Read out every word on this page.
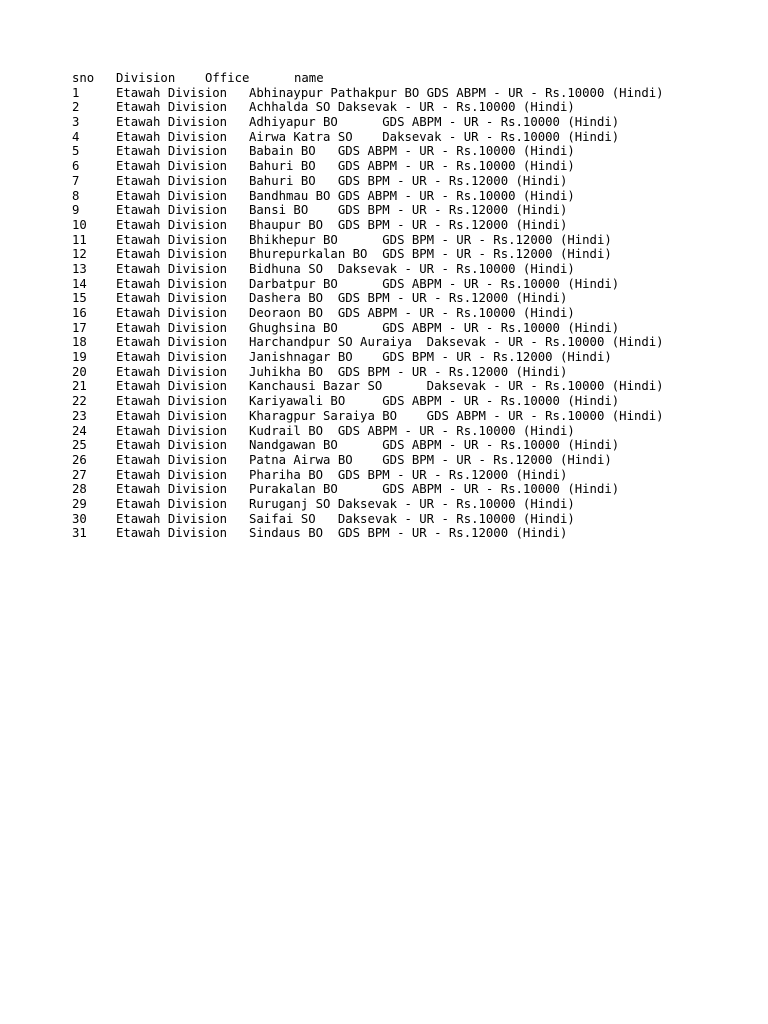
sno Division Office	name
1	Etawah Division Abhinaypur Pathakpur BO GDS ABPM - UR - Rs.10000 (Hindi)
2	Etawah Division Achhalda SO Daksevak - UR - Rs.10000 (Hindi)
3	Etawah Division Adhiyapur BO      GDS ABPM - UR - Rs.10000 (Hindi)
4	Etawah Division Airwa Katra SO    Daksevak - UR - Rs.10000 (Hindi)
5	Etawah Division Babain BO   GDS ABPM - UR - Rs.10000 (Hindi)
6	Etawah Division Bahuri BO   GDS ABPM - UR - Rs.10000 (Hindi)
7	Etawah Division Bahuri BO   GDS BPM - UR - Rs.12000 (Hindi)
8	Etawah Division Bandhmau BO GDS ABPM - UR - Rs.10000 (Hindi)
9	Etawah Division Bansi BO    GDS BPM - UR - Rs.12000 (Hindi)
10 Etawah Division Bhaupur BO  GDS BPM - UR - Rs.12000 (Hindi)
11 Etawah Division Bhikhepur BO      GDS BPM - UR - Rs.12000 (Hindi)
12 Etawah Division Bhurepurkalan BO  GDS BPM - UR - Rs.12000 (Hindi)
13 Etawah Division Bidhuna SO  Daksevak - UR - Rs.10000 (Hindi)
14 Etawah Division Darbatpur BO      GDS ABPM - UR - Rs.10000 (Hindi)
15 Etawah Division Dashera BO  GDS BPM - UR - Rs.12000 (Hindi)
16 Etawah Division Deoraon BO  GDS ABPM - UR - Rs.10000 (Hindi)
17 Etawah Division Ghughsina BO      GDS ABPM - UR - Rs.10000 (Hindi)
18 Etawah Division Harchandpur SO Auraiya  Daksevak - UR - Rs.10000 (Hindi)
19 Etawah Division Janishnagar BO    GDS BPM - UR - Rs.12000 (Hindi)
20 Etawah Division Juhikha BO  GDS BPM - UR - Rs.12000 (Hindi)
21 Etawah Division Kanchausi Bazar SO      Daksevak - UR - Rs.10000 (Hindi)
22 Etawah Division Kariyawali BO     GDS ABPM - UR - Rs.10000 (Hindi)
23 Etawah Division Kharagpur Saraiya BO    GDS ABPM - UR - Rs.10000 (Hindi)
24 Etawah Division Kudrail BO  GDS ABPM - UR - Rs.10000 (Hindi)
25 Etawah Division Nandgawan BO      GDS ABPM - UR - Rs.10000 (Hindi)
26 Etawah Division Patna Airwa BO    GDS BPM - UR - Rs.12000 (Hindi)
27 Etawah Division Phariha BO  GDS BPM - UR - Rs.12000 (Hindi)
28 Etawah Division Purakalan BO      GDS ABPM - UR - Rs.10000 (Hindi)
29 Etawah Division Ruruganj SO Daksevak - UR - Rs.10000 (Hindi)
30 Etawah Division Saifai SO   Daksevak - UR - Rs.10000 (Hindi)
31 Etawah Division Sindaus BO  GDS BPM - UR - Rs.12000 (Hindi)
